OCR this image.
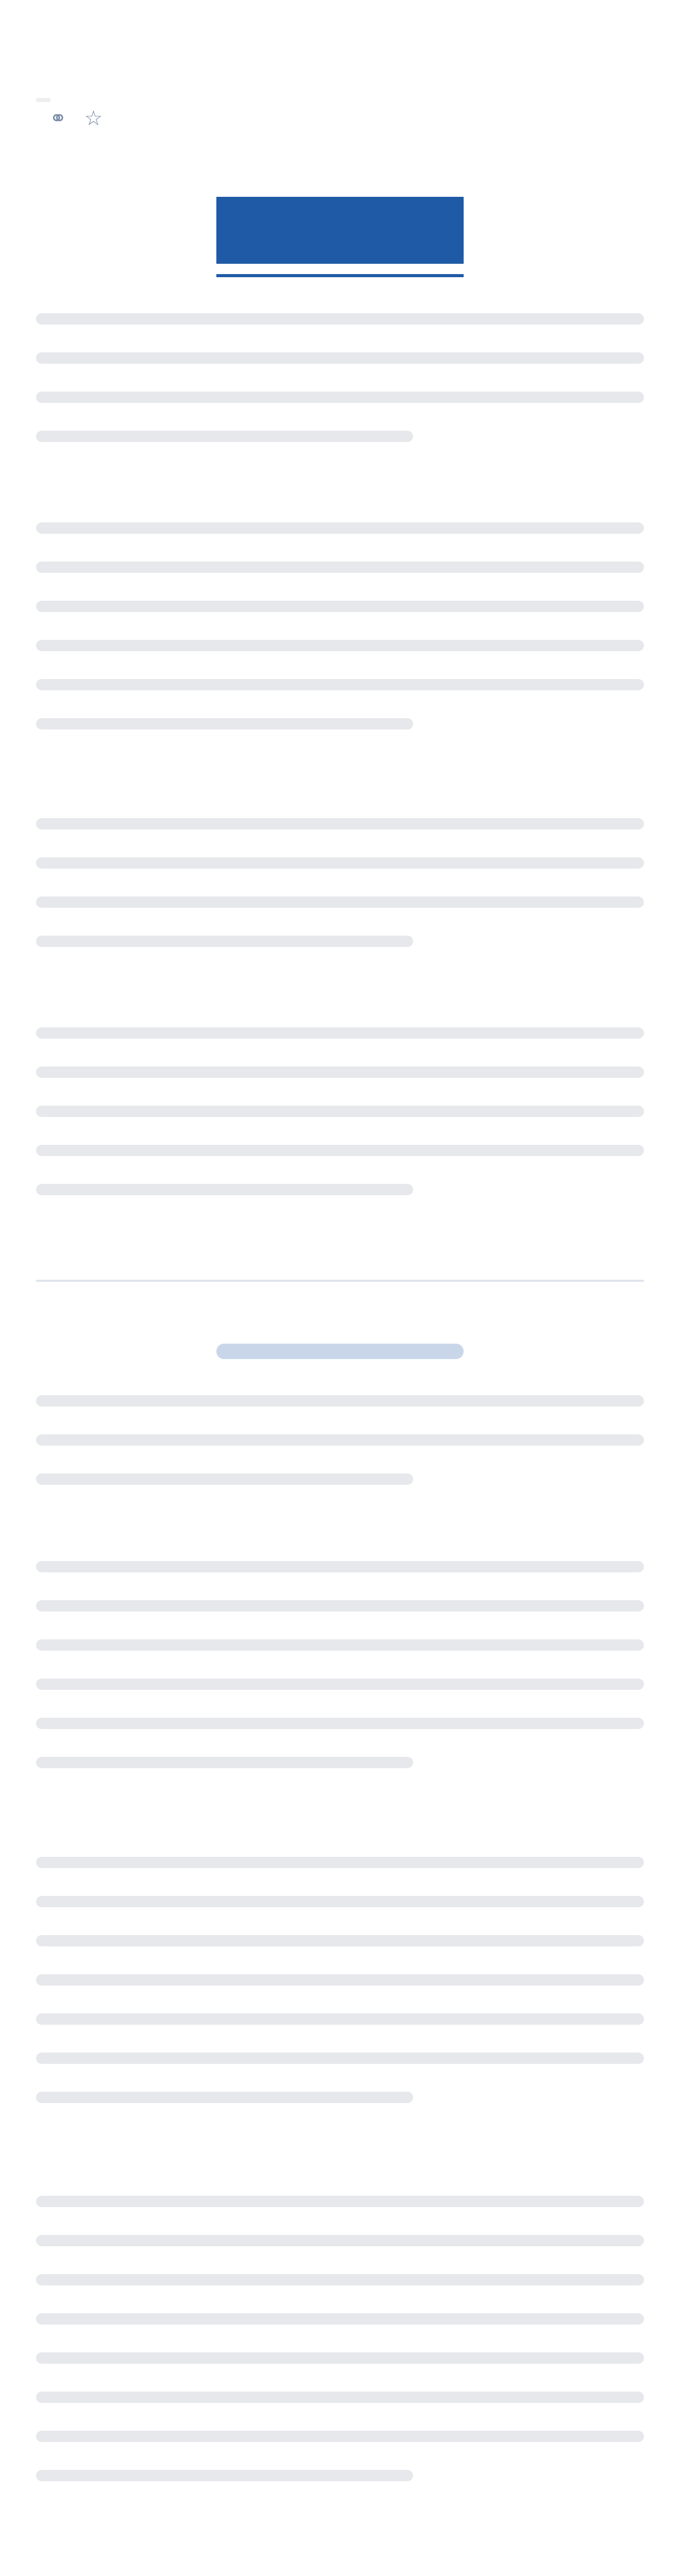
⚭ ☆
